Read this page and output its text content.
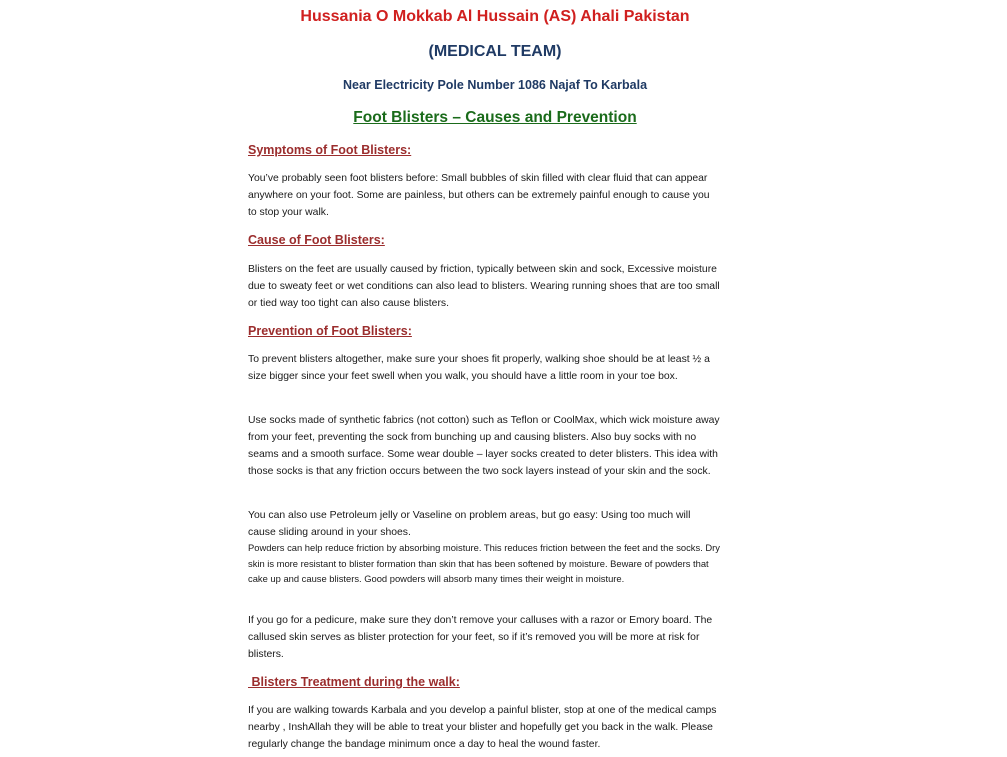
Hussania O Mokkab Al Hussain (AS) Ahali Pakistan

(MEDICAL TEAM)

Near Electricity Pole Number 1086 Najaf To Karbala

Foot Blisters – Causes and Prevention

Symptoms of Foot Blisters:

You’ve probably seen foot blisters before: Small bubbles of skin filled with clear fluid that can appear anywhere on your foot. Some are painless, but others can be extremely painful enough to cause you to stop your walk.

Cause of Foot Blisters:

Blisters on the feet are usually caused by friction, typically between skin and sock, Excessive moisture due to sweaty feet or wet conditions can also lead to blisters. Wearing running shoes that are too small or tied way too tight can also cause blisters.

Prevention of Foot Blisters:

To prevent blisters altogether, make sure your shoes fit properly, walking shoe should be at least ½ a size bigger since your feet swell when you walk, you should have a little room in your toe box.

Use socks made of synthetic fabrics (not cotton) such as Teflon or CoolMax, which wick moisture away from your feet, preventing the sock from bunching up and causing blisters. Also buy socks with no seams and a smooth surface. Some wear double – layer socks created to deter blisters. This idea with those socks is that any friction occurs between the two sock layers instead of your skin and the sock.

You can also use Petroleum jelly or Vaseline on problem areas, but go easy: Using too much will cause sliding around in your shoes.

Powders can help reduce friction by absorbing moisture. This reduces friction between the feet and the socks. Dry skin is more resistant to blister formation than skin that has been softened by moisture. Beware of powders that cake up and cause blisters. Good powders will absorb many times their weight in moisture.

If you go for a pedicure, make sure they don’t remove your calluses with a razor or Emory board. The callused skin serves as blister protection for your feet, so if it’s removed you will be more at risk for blisters.

Blisters Treatment during the walk:

If you are walking towards Karbala and you develop a painful blister, stop at one of the medical camps nearby , InshAllah they will be able to treat your blister and hopefully get you back in the walk. Please regularly change the bandage minimum once a day to heal the wound faster.
